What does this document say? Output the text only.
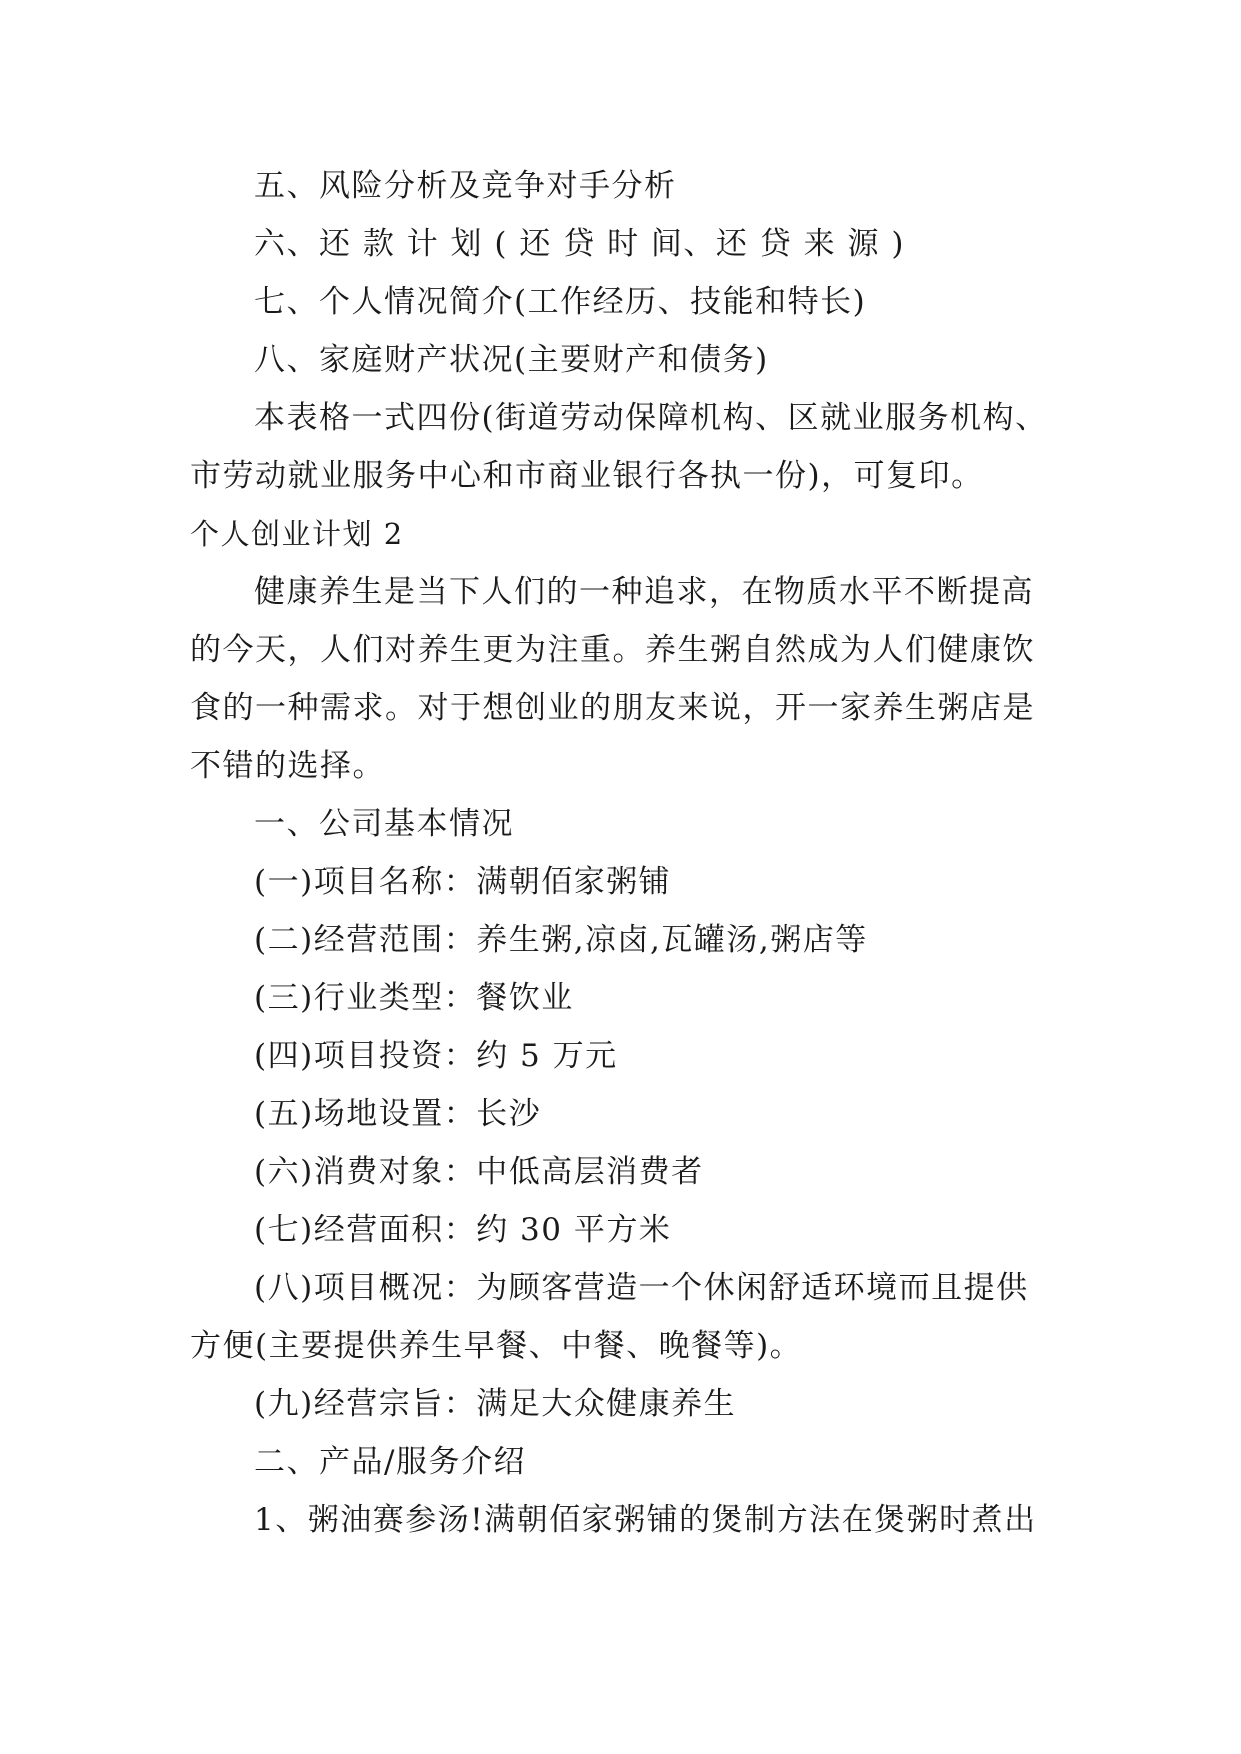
五、风险分析及竞争对手分析
六、还 款 计 划 ( 还 贷 时 间、还 贷 来 源 )
七、个人情况简介(工作经历、技能和特长)
八、家庭财产状况(主要财产和债务)
本表格一式四份(街道劳动保障机构、区就业服务机构、
市劳动就业服务中心和市商业银行各执一份)，可复印。
个人创业计划 2
健康养生是当下人们的一种追求，在物质水平不断提高
的今天，人们对养生更为注重。养生粥自然成为人们健康饮
食的一种需求。对于想创业的朋友来说，开一家养生粥店是
不错的选择。
一、公司基本情况
(一)项目名称：满朝佰家粥铺
(二)经营范围：养生粥,凉卤,瓦罐汤,粥店等
(三)行业类型：餐饮业
(四)项目投资：约 5 万元
(五)场地设置：长沙
(六)消费对象：中低高层消费者
(七)经营面积：约 30 平方米
(八)项目概况：为顾客营造一个休闲舒适环境而且提供
方便(主要提供养生早餐、中餐、晚餐等)。
(九)经营宗旨：满足大众健康养生
二、产品/服务介绍
1、粥油赛参汤!满朝佰家粥铺的煲制方法在煲粥时煮出
